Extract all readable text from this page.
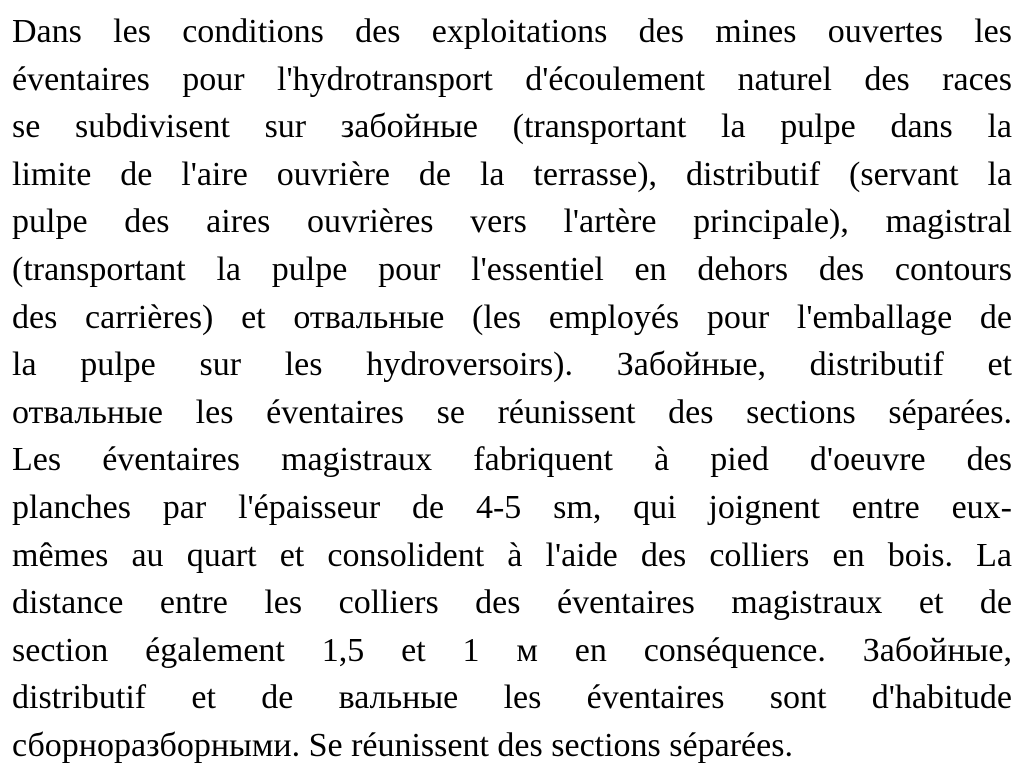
Dans les conditions des exploitations des mines ouvertes les
éventaires pour l'hydrotransport d'écoulement naturel des races
se subdivisent sur забойные (transportant la pulpe dans la
limite de l'aire ouvrière de la terrasse), distributif (servant la
pulpe des aires ouvrières vers l'artère principale), magistral
(transportant la pulpe pour l'essentiel en dehors des contours
des carrières) et отвальные (les employés pour l'emballage de
la pulpe sur les hydroversoirs). Забойные, distributif et
отвальные les éventaires se réunissent des sections séparées.
Les éventaires magistraux fabriquent à pied d'oeuvre des
planches par l'épaisseur de 4-5 sm, qui joignent entre eux-
mêmes au quart et consolident à l'aide des colliers en bois. La
distance entre les colliers des éventaires magistraux et de
section également 1,5 et 1 м en conséquence. Забойные,
distributif et de вальные les éventaires sont d'habitude
сборноразборными. Se réunissent des sections séparées.
